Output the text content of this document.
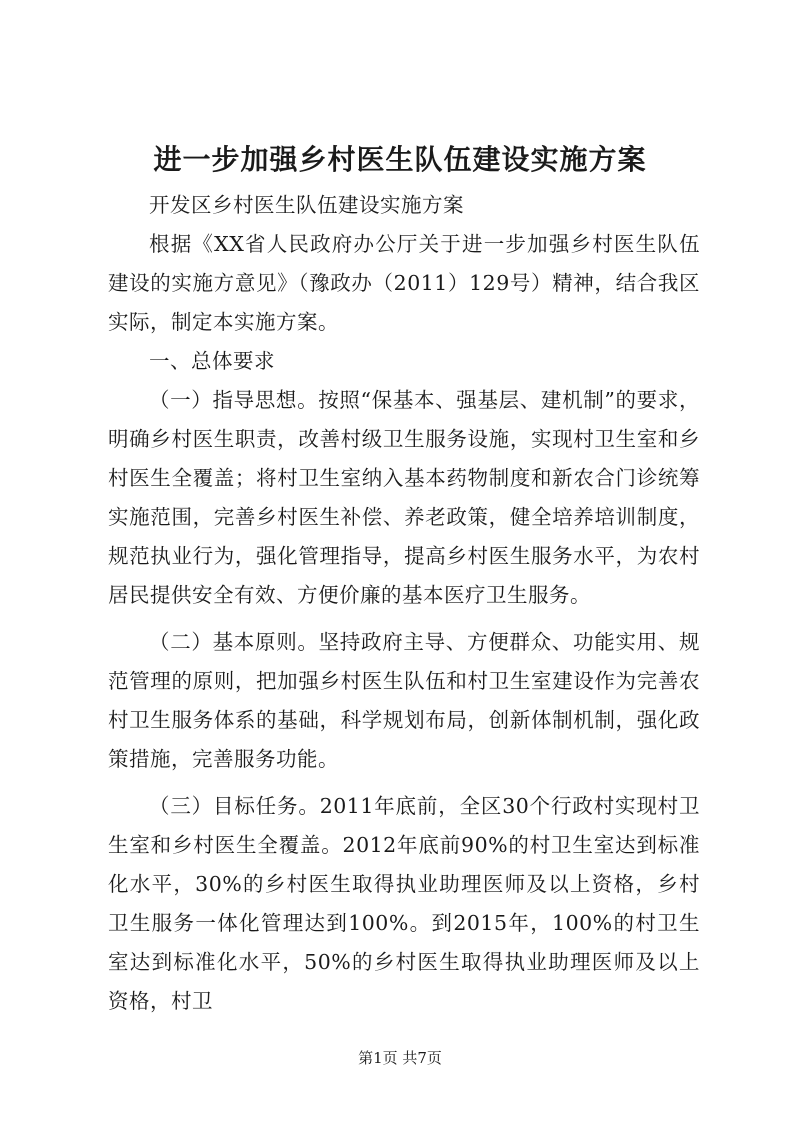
进一步加强乡村医生队伍建设实施方案

开发区乡村医生队伍建设实施方案

根据《XX省人民政府办公厅关于进一步加强乡村医生队伍建设的实施方意见》（豫政办（2011）129号）精神，结合我区实际，制定本实施方案。

一、总体要求

（一）指导思想。按照“保基本、强基层、建机制”的要求，明确乡村医生职责，改善村级卫生服务设施，实现村卫生室和乡村医生全覆盖；将村卫生室纳入基本药物制度和新农合门诊统筹实施范围，完善乡村医生补偿、养老政策，健全培养培训制度，规范执业行为，强化管理指导，提高乡村医生服务水平，为农村居民提供安全有效、方便价廉的基本医疗卫生服务。

（二）基本原则。坚持政府主导、方便群众、功能实用、规范管理的原则，把加强乡村医生队伍和村卫生室建设作为完善农村卫生服务体系的基础，科学规划布局，创新体制机制，强化政策措施，完善服务功能。

（三）目标任务。2011年底前，全区30个行政村实现村卫生室和乡村医生全覆盖。2012年底前90%的村卫生室达到标准化水平，30%的乡村医生取得执业助理医师及以上资格，乡村卫生服务一体化管理达到100%。到2015年，100%的村卫生室达到标准化水平，50%的乡村医生取得执业助理医师及以上资格，村卫

第1页 共7页
